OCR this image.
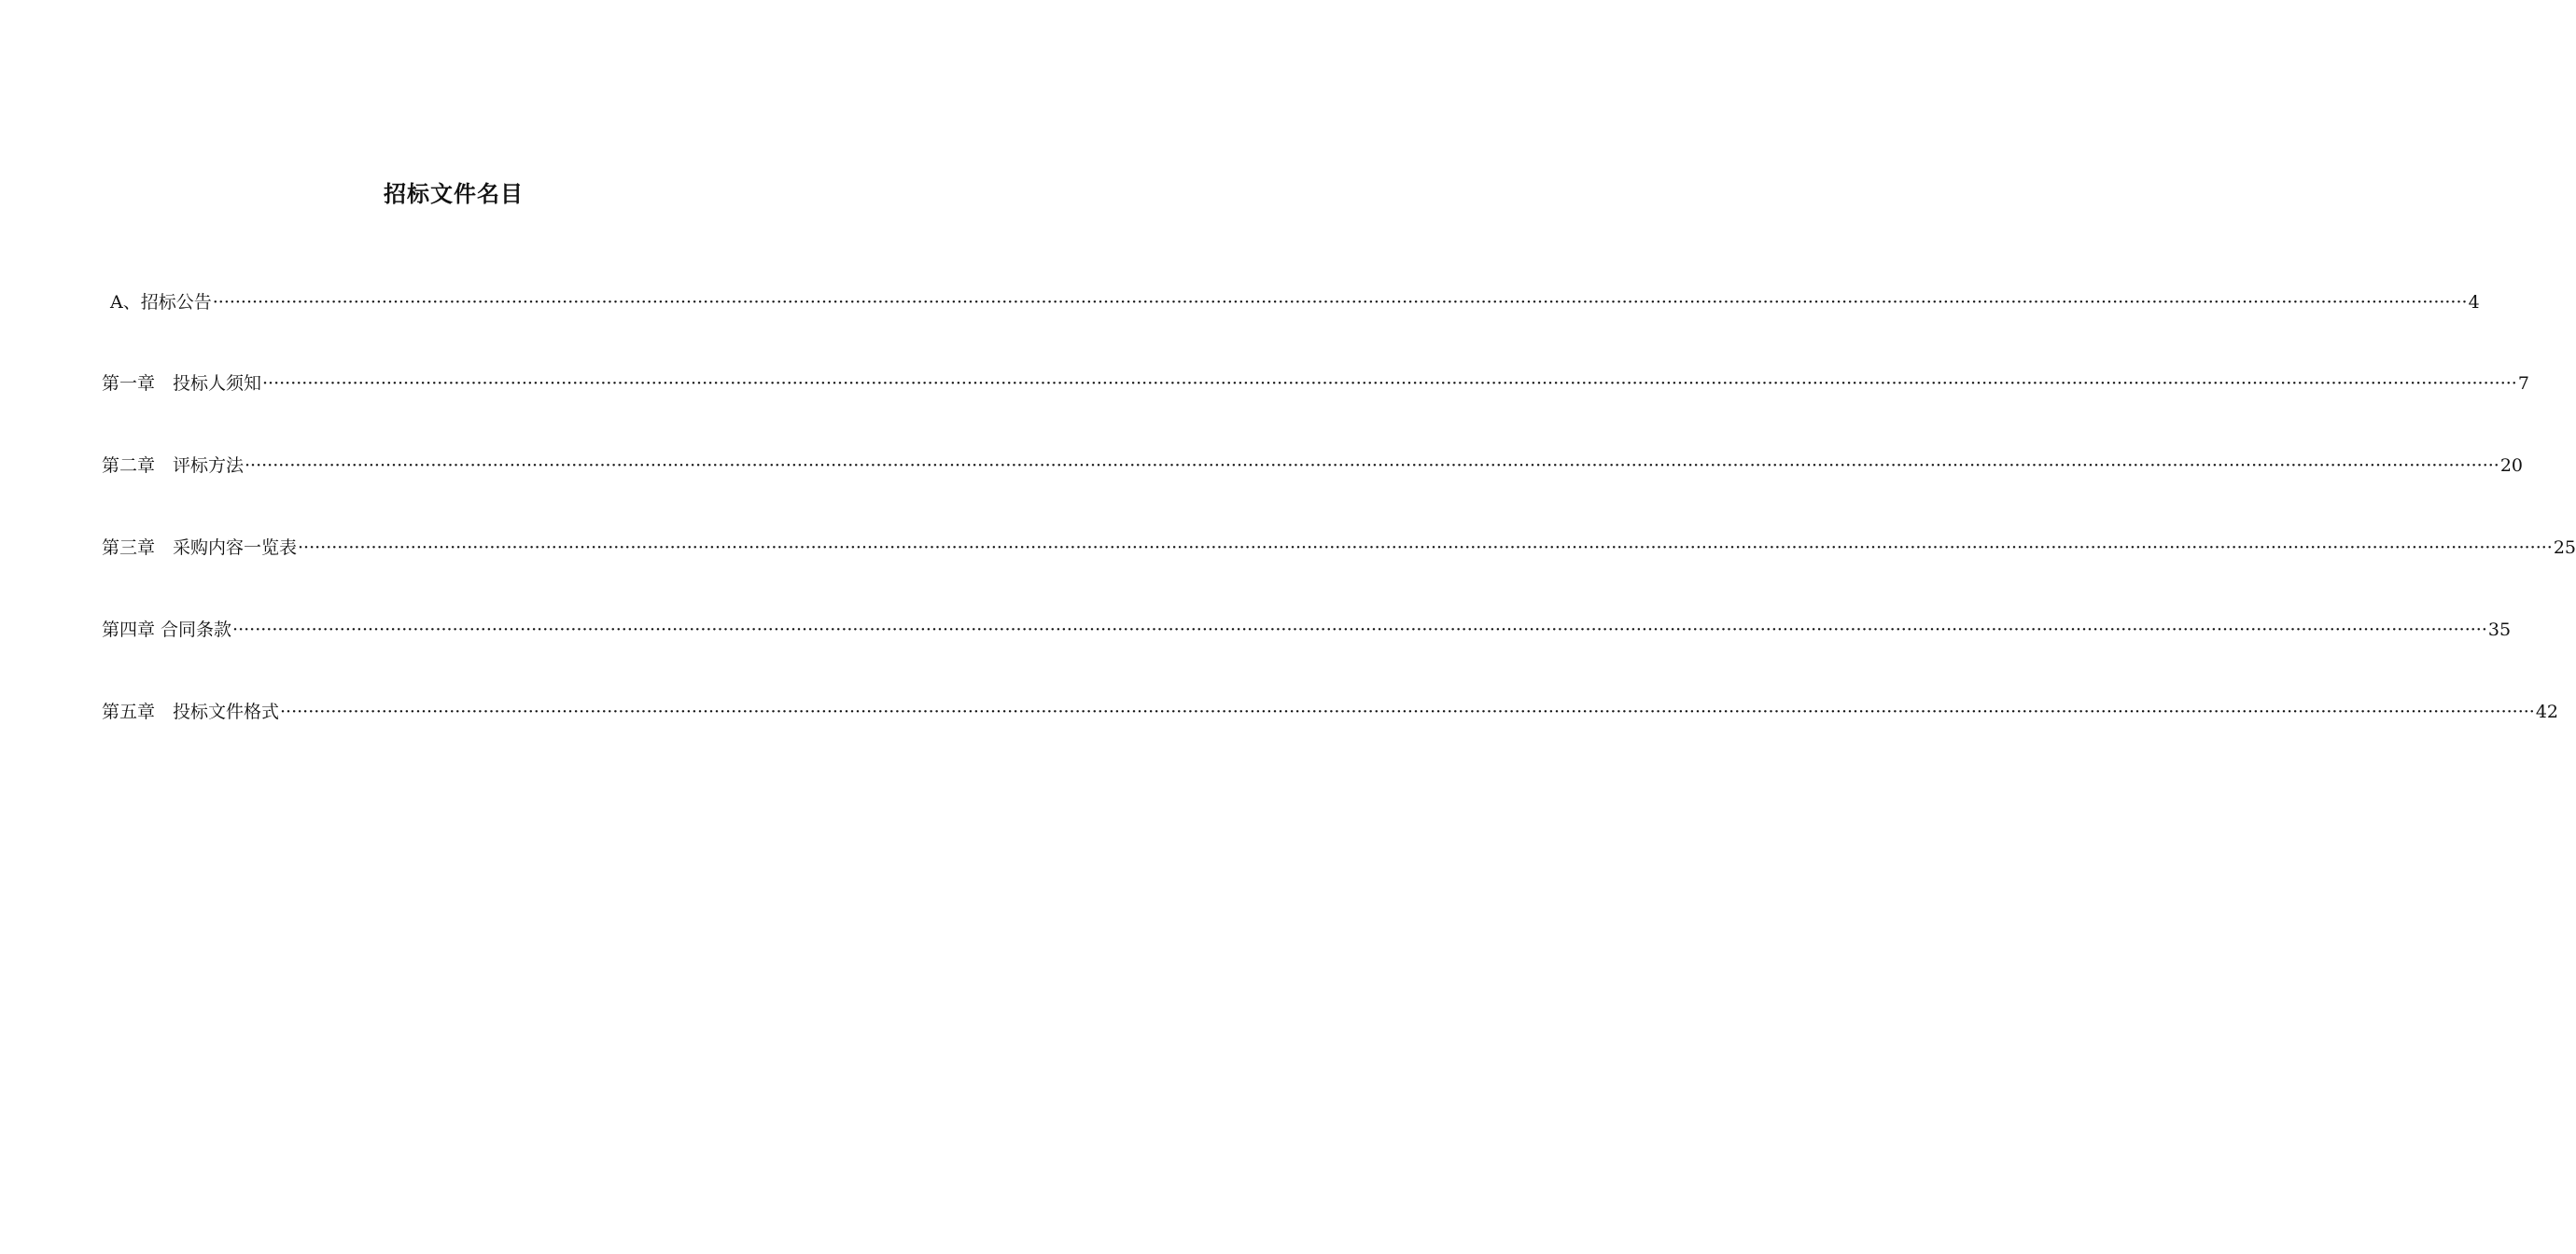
招标文件名目
A、招标公告 ················································································································································································································································································································································································································ 4
第一章　投标人须知 ················································································································································································································································································································································································································ 7
第二章　评标方法 ················································································································································································································································································································································································································ 20
第三章　采购内容一览表 ················································································································································································································································································································································································································ 25
第四章 合同条款 ················································································································································································································································································································································································································ 35
第五章　投标文件格式 ················································································································································································································································································································································································································ 42
